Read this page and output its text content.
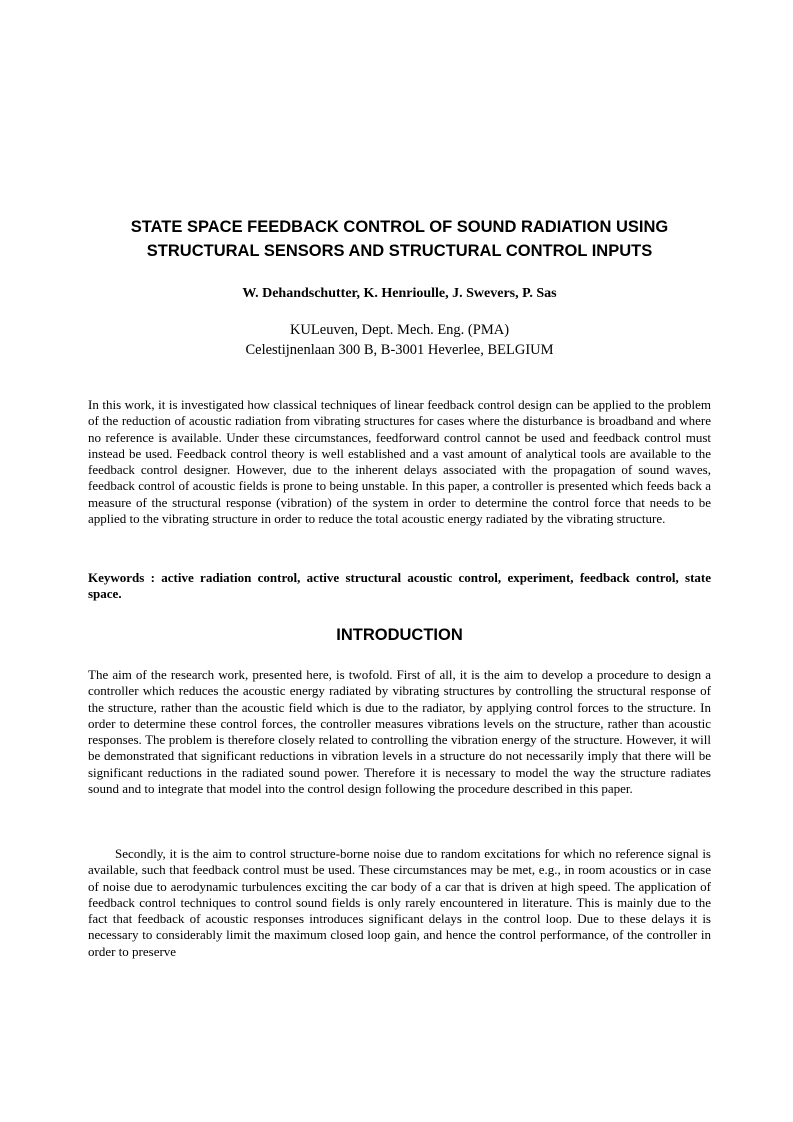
STATE SPACE FEEDBACK CONTROL OF SOUND RADIATION USING
STRUCTURAL SENSORS AND STRUCTURAL CONTROL INPUTS

W. Dehandschutter, K. Henrioulle, J. Swevers, P. Sas

KULeuven, Dept. Mech. Eng. (PMA)
Celestijnenlaan 300 B, B-3001 Heverlee, BELGIUM

In this work, it is investigated how classical techniques of linear feedback control design can be applied to the problem of the reduction of acoustic radiation from vibrating structures for cases where the disturbance is broadband and where no reference is available. Under these circumstances, feedforward control cannot be used and feedback control must instead be used. Feedback control theory is well established and a vast amount of analytical tools are available to the feedback control designer. However, due to the inherent delays associated with the propagation of sound waves, feedback control of acoustic fields is prone to being unstable. In this paper, a controller is presented which feeds back a measure of the structural response (vibration) of the system in order to determine the control force that needs to be applied to the vibrating structure in order to reduce the total acoustic energy radiated by the vibrating structure.

Keywords : active radiation control, active structural acoustic control, experiment, feedback control, state space.

INTRODUCTION

The aim of the research work, presented here, is twofold. First of all, it is the aim to develop a procedure to design a controller which reduces the acoustic energy radiated by vibrating structures by controlling the structural response of the structure, rather than the acoustic field which is due to the radiator, by applying control forces to the structure. In order to determine these control forces, the controller measures vibrations levels on the structure, rather than acoustic responses. The problem is therefore closely related to controlling the vibration energy of the structure. However, it will be demonstrated that significant reductions in vibration levels in a structure do not necessarily imply that there will be significant reductions in the radiated sound power. Therefore it is necessary to model the way the structure radiates sound and to integrate that model into the control design following the procedure described in this paper.

Secondly, it is the aim to control structure-borne noise due to random excitations for which no reference signal is available, such that feedback control must be used. These circumstances may be met, e.g., in room acoustics or in case of noise due to aerodynamic turbulences exciting the car body of a car that is driven at high speed. The application of feedback control techniques to control sound fields is only rarely encountered in literature. This is mainly due to the fact that feedback of acoustic responses introduces significant delays in the control loop. Due to these delays it is necessary to considerably limit the maximum closed loop gain, and hence the control performance, of the controller in order to preserve
